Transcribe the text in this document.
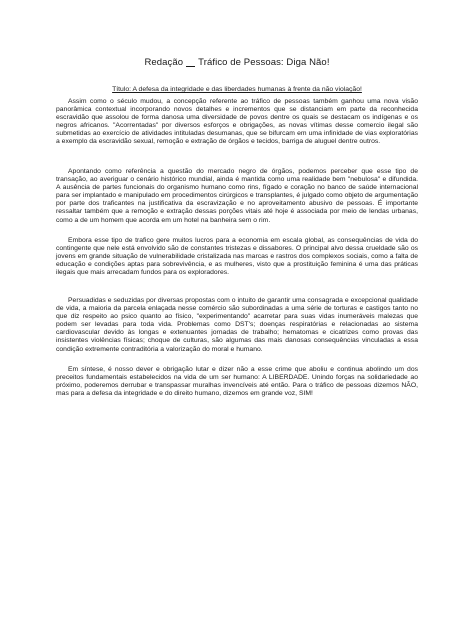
Redação Tráfico de Pessoas: Diga Não!
Título: A defesa da integridade e das liberdades humanas à frente da não violação!

Assim como o século mudou, a concepção referente ao tráfico de pessoas também ganhou uma nova visão panorâmica contextual incorporando novos detalhes e incrementos que se distanciam em parte da reconhecida escravidão que assolou de forma danosa uma diversidade de povos dentre os quais se destacam os indígenas e os negros africanos. "Acorrentadas" por diversos esforços e obrigações, as novas vítimas desse comercio ilegal são submetidas ao exercício de atividades intituladas desumanas, que se bifurcam em uma infinidade de vias exploratórias a exemplo da escravidão sexual, remoção e extração de órgãos e tecidos, barriga de aluguel dentre outros.

Apontando como referência a questão do mercado negro de órgãos, podemos perceber que esse tipo de transação, ao averiguar o cenário histórico mundial, ainda é mantida como uma realidade bem "nebulosa" e difundida. A ausência de partes funcionais do organismo humano como rins, fígado e coração no banco de saúde internacional para ser implantado e manipulado em procedimentos cirúrgicos e transplantes, é julgado como objeto de argumentação por parte dos traficantes na justificativa da escravização e no aproveitamento abusivo de pessoas. É importante ressaltar também que a remoção e extração dessas porções vitais até hoje é associada por meio de lendas urbanas, como a de um homem que acorda em um hotel na banheira sem o rim.

Embora esse tipo de trafico gere muitos lucros para a economia em escala global, as consequências de vida do contingente que nele está envolvido são de constantes tristezas e dissabores. O principal alvo dessa crueldade são os jovens em grande situação de vulnerabilidade cristalizada nas marcas e rastros dos complexos sociais, como a falta de educação e condições aptas para sobrevivência, e as mulheres, visto que a prostituição feminina é uma das práticas ilegais que mais arrecadam fundos para os exploradores.

Persuadidas e seduzidas por diversas propostas com o intuito de garantir uma consagrada e excepcional qualidade de vida, a maioria da parcela enlaçada nesse comércio são subordinadas a uma série de torturas e castigos tanto no que diz respeito ao psico quanto ao físico, "experimentando" acarretar para suas vidas inumeráveis malezas que podem ser levadas para toda vida. Problemas como DST's; doenças respiratórias e relacionadas ao sistema cardiovascular devido às longas e extenuantes jornadas de trabalho; hematomas e cicatrizes como provas das insistentes violências físicas; choque de culturas, são algumas das mais danosas consequências vinculadas a essa condição extremente contraditória a valorização do moral e humano.

Em síntese, é nosso dever e obrigação lutar e dizer não a esse crime que aboliu e continua abolindo um dos preceitos fundamentais estabelecidos na vida de um ser humano: A LIBERDADE. Unindo forças na solidariedade ao próximo, poderemos derrubar e transpassar muralhas invencíveis até então. Para o tráfico de pessoas dizemos NÃO, mas para a defesa da integridade e do direito humano, dizemos em grande voz, SIM!
